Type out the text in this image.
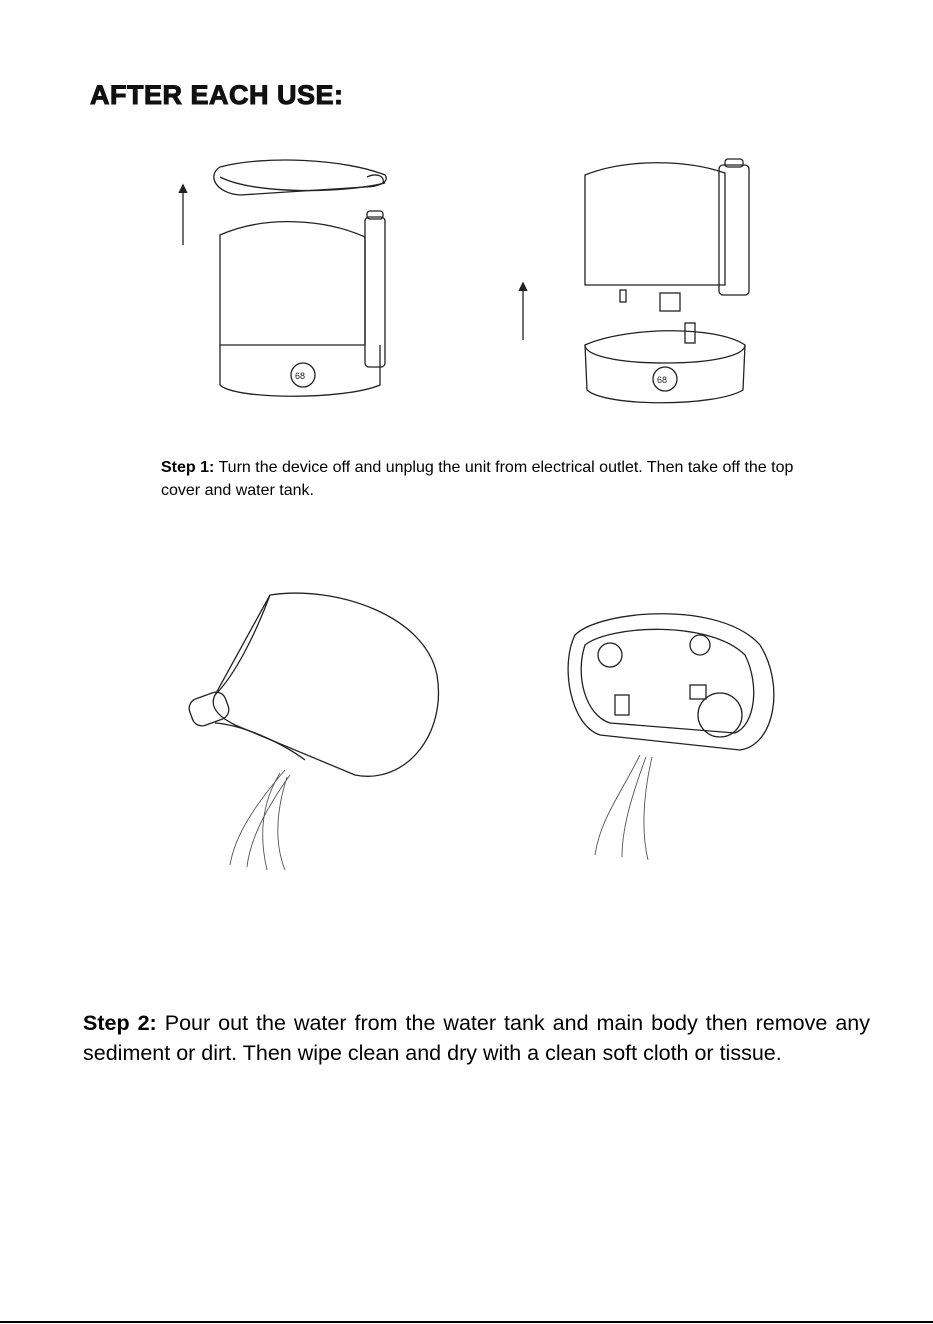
AFTER EACH USE:
68	68
Step 1: Turn the device off and unplug the unit from electrical outlet. Then take off the top cover and water tank.
Step 2: Pour out the water from the water tank and main body then remove any sediment or dirt. Then wipe clean and dry with a clean soft cloth or tissue.
